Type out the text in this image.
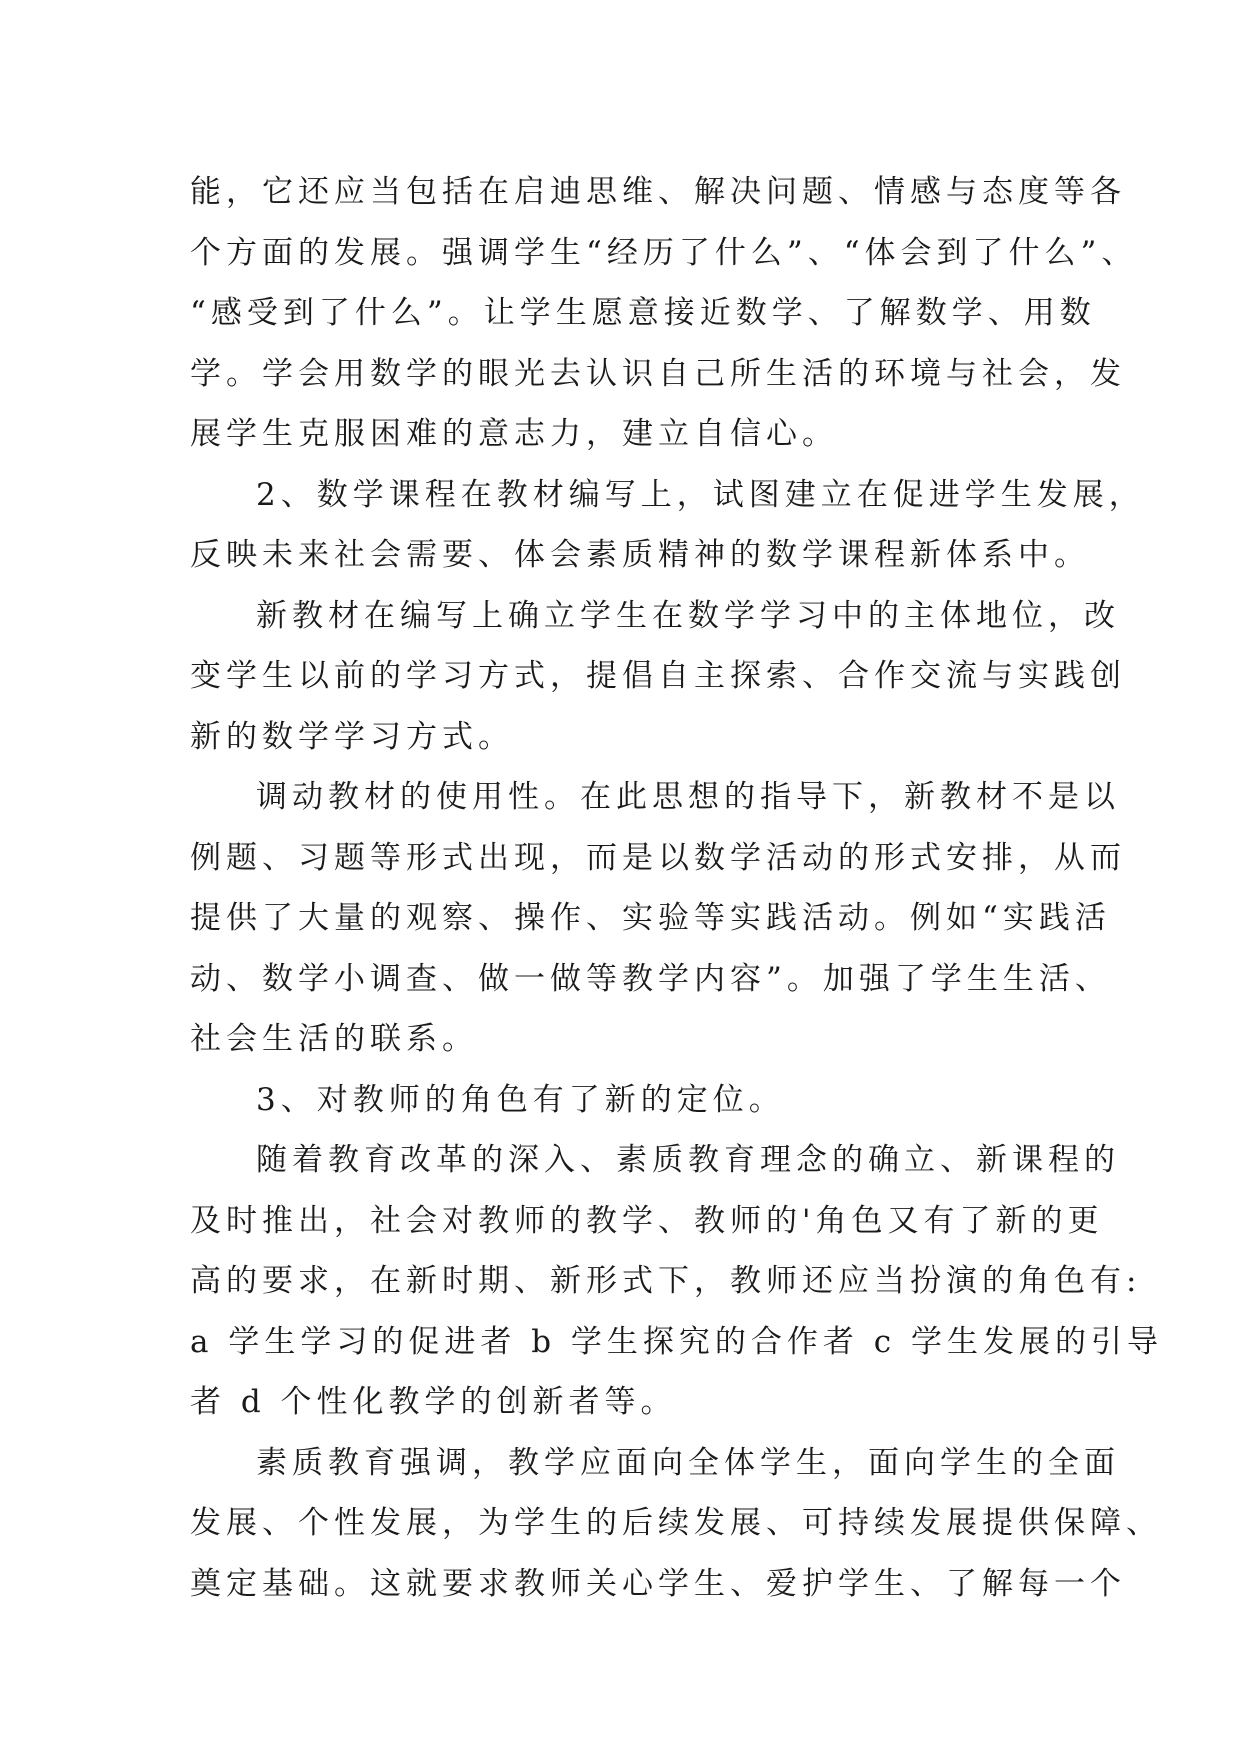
能，它还应当包括在启迪思维、解决问题、情感与态度等各
个方面的发展。强调学生“经历了什么”、“体会到了什么”、
“感受到了什么”。让学生愿意接近数学、了解数学、用数
学。学会用数学的眼光去认识自己所生活的环境与社会，发
展学生克服困难的意志力，建立自信心。
2、数学课程在教材编写上，试图建立在促进学生发展，
反映未来社会需要、体会素质精神的数学课程新体系中。
新教材在编写上确立学生在数学学习中的主体地位，改
变学生以前的学习方式，提倡自主探索、合作交流与实践创
新的数学学习方式。
调动教材的使用性。在此思想的指导下，新教材不是以
例题、习题等形式出现，而是以数学活动的形式安排，从而
提供了大量的观察、操作、实验等实践活动。例如“实践活
动、数学小调查、做一做等教学内容”。加强了学生生活、
社会生活的联系。
3、对教师的角色有了新的定位。
随着教育改革的深入、素质教育理念的确立、新课程的
及时推出，社会对教师的教学、教师的'角色又有了新的更
高的要求，在新时期、新形式下，教师还应当扮演的角色有:
a 学生学习的促进者 b 学生探究的合作者 c 学生发展的引导
者 d 个性化教学的创新者等。
素质教育强调，教学应面向全体学生，面向学生的全面
发展、个性发展，为学生的后续发展、可持续发展提供保障、
奠定基础。这就要求教师关心学生、爱护学生、了解每一个
